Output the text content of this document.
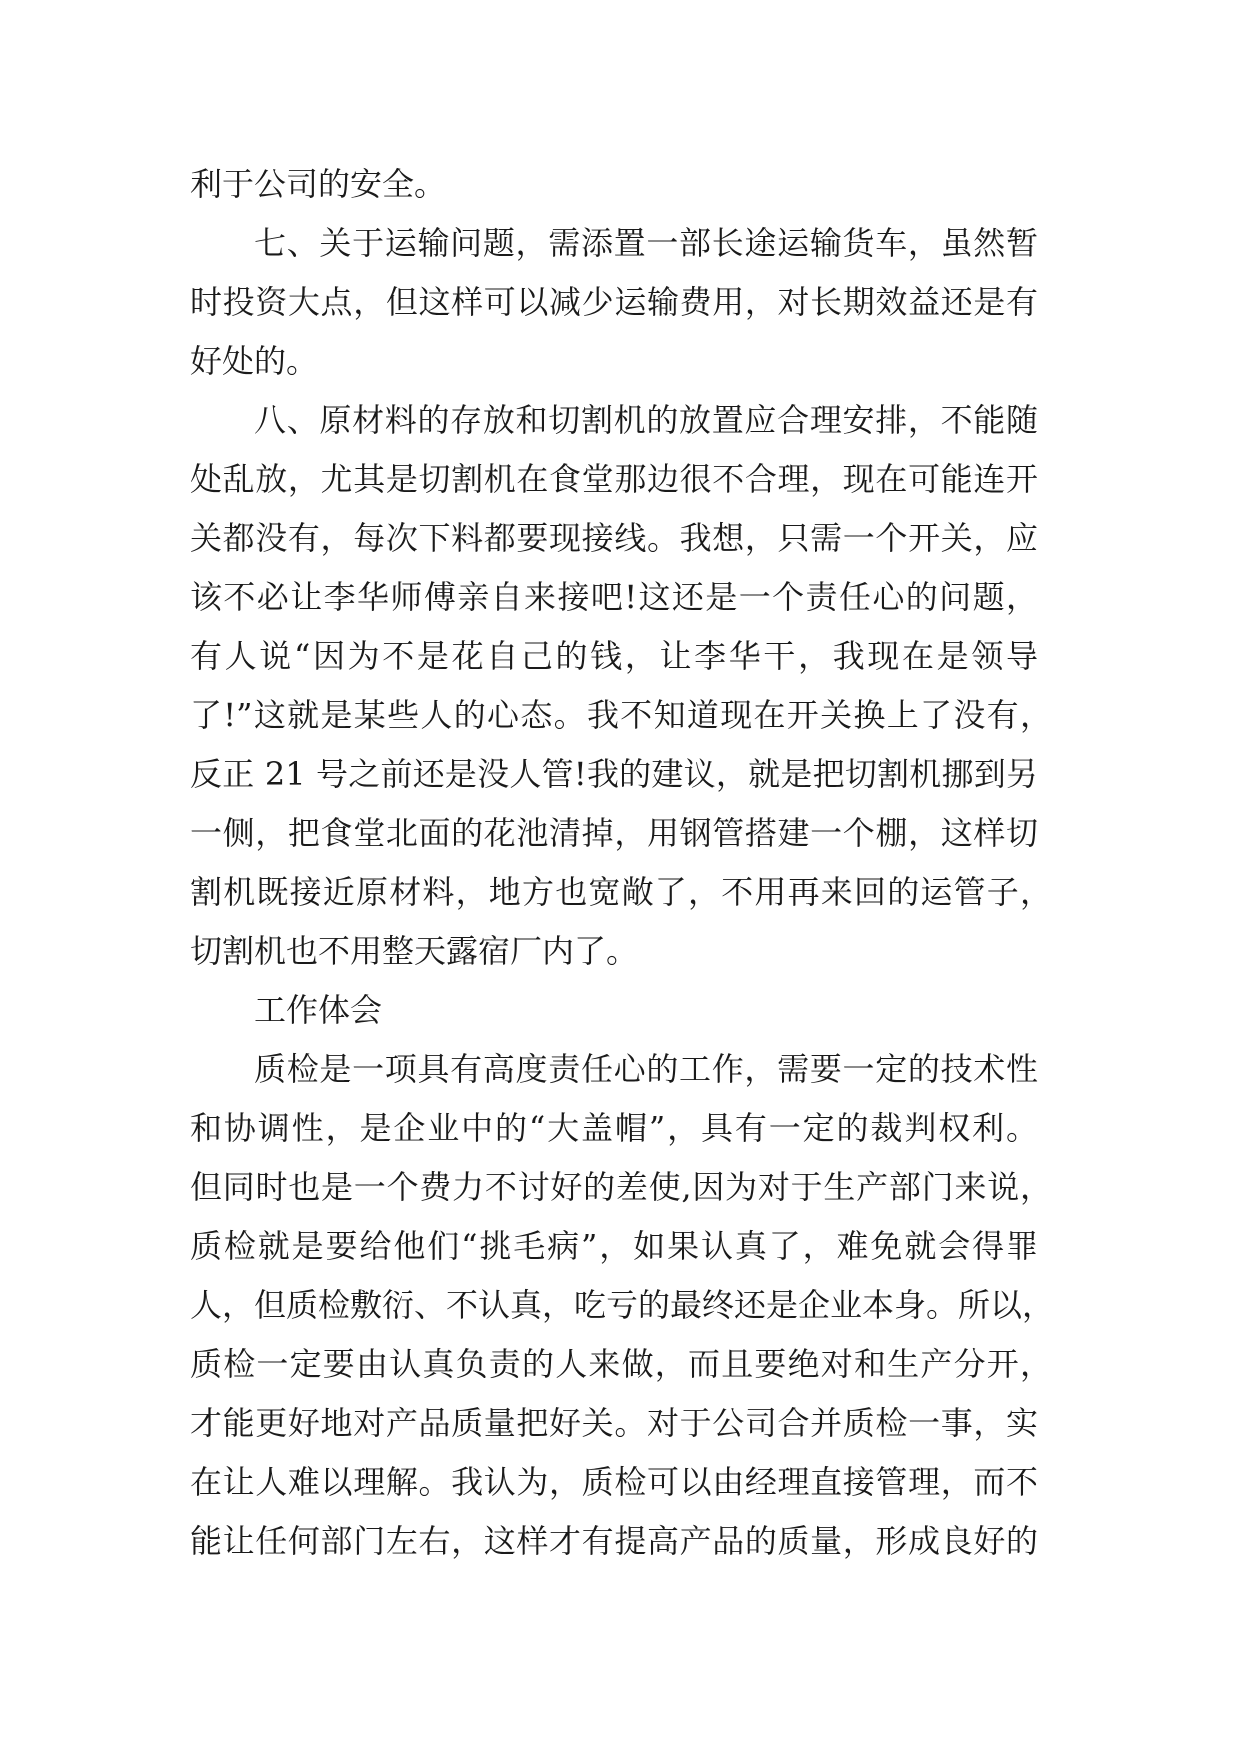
利于公司的安全。
七、关于运输问题，需添置一部长途运输货车，虽然暂
时投资大点，但这样可以减少运输费用，对长期效益还是有
好处的。
八、原材料的存放和切割机的放置应合理安排，不能随
处乱放，尤其是切割机在食堂那边很不合理，现在可能连开
关都没有，每次下料都要现接线。我想，只需一个开关，应
该不必让李华师傅亲自来接吧!这还是一个责任心的问题，
有人说“因为不是花自己的钱，让李华干，我现在是领导
了!”这就是某些人的心态。我不知道现在开关换上了没有，
反正 21 号之前还是没人管!我的建议，就是把切割机挪到另
一侧，把食堂北面的花池清掉，用钢管搭建一个棚，这样切
割机既接近原材料，地方也宽敞了，不用再来回的运管子，
切割机也不用整天露宿厂内了。
工作体会
质检是一项具有高度责任心的工作，需要一定的技术性
和协调性，是企业中的“大盖帽”，具有一定的裁判权利。
但同时也是一个费力不讨好的差使,因为对于生产部门来说，
质检就是要给他们“挑毛病”，如果认真了，难免就会得罪
人，但质检敷衍、不认真，吃亏的最终还是企业本身。所以，
质检一定要由认真负责的人来做，而且要绝对和生产分开，
才能更好地对产品质量把好关。对于公司合并质检一事，实
在让人难以理解。我认为，质检可以由经理直接管理，而不
能让任何部门左右，这样才有提高产品的质量，形成良好的
